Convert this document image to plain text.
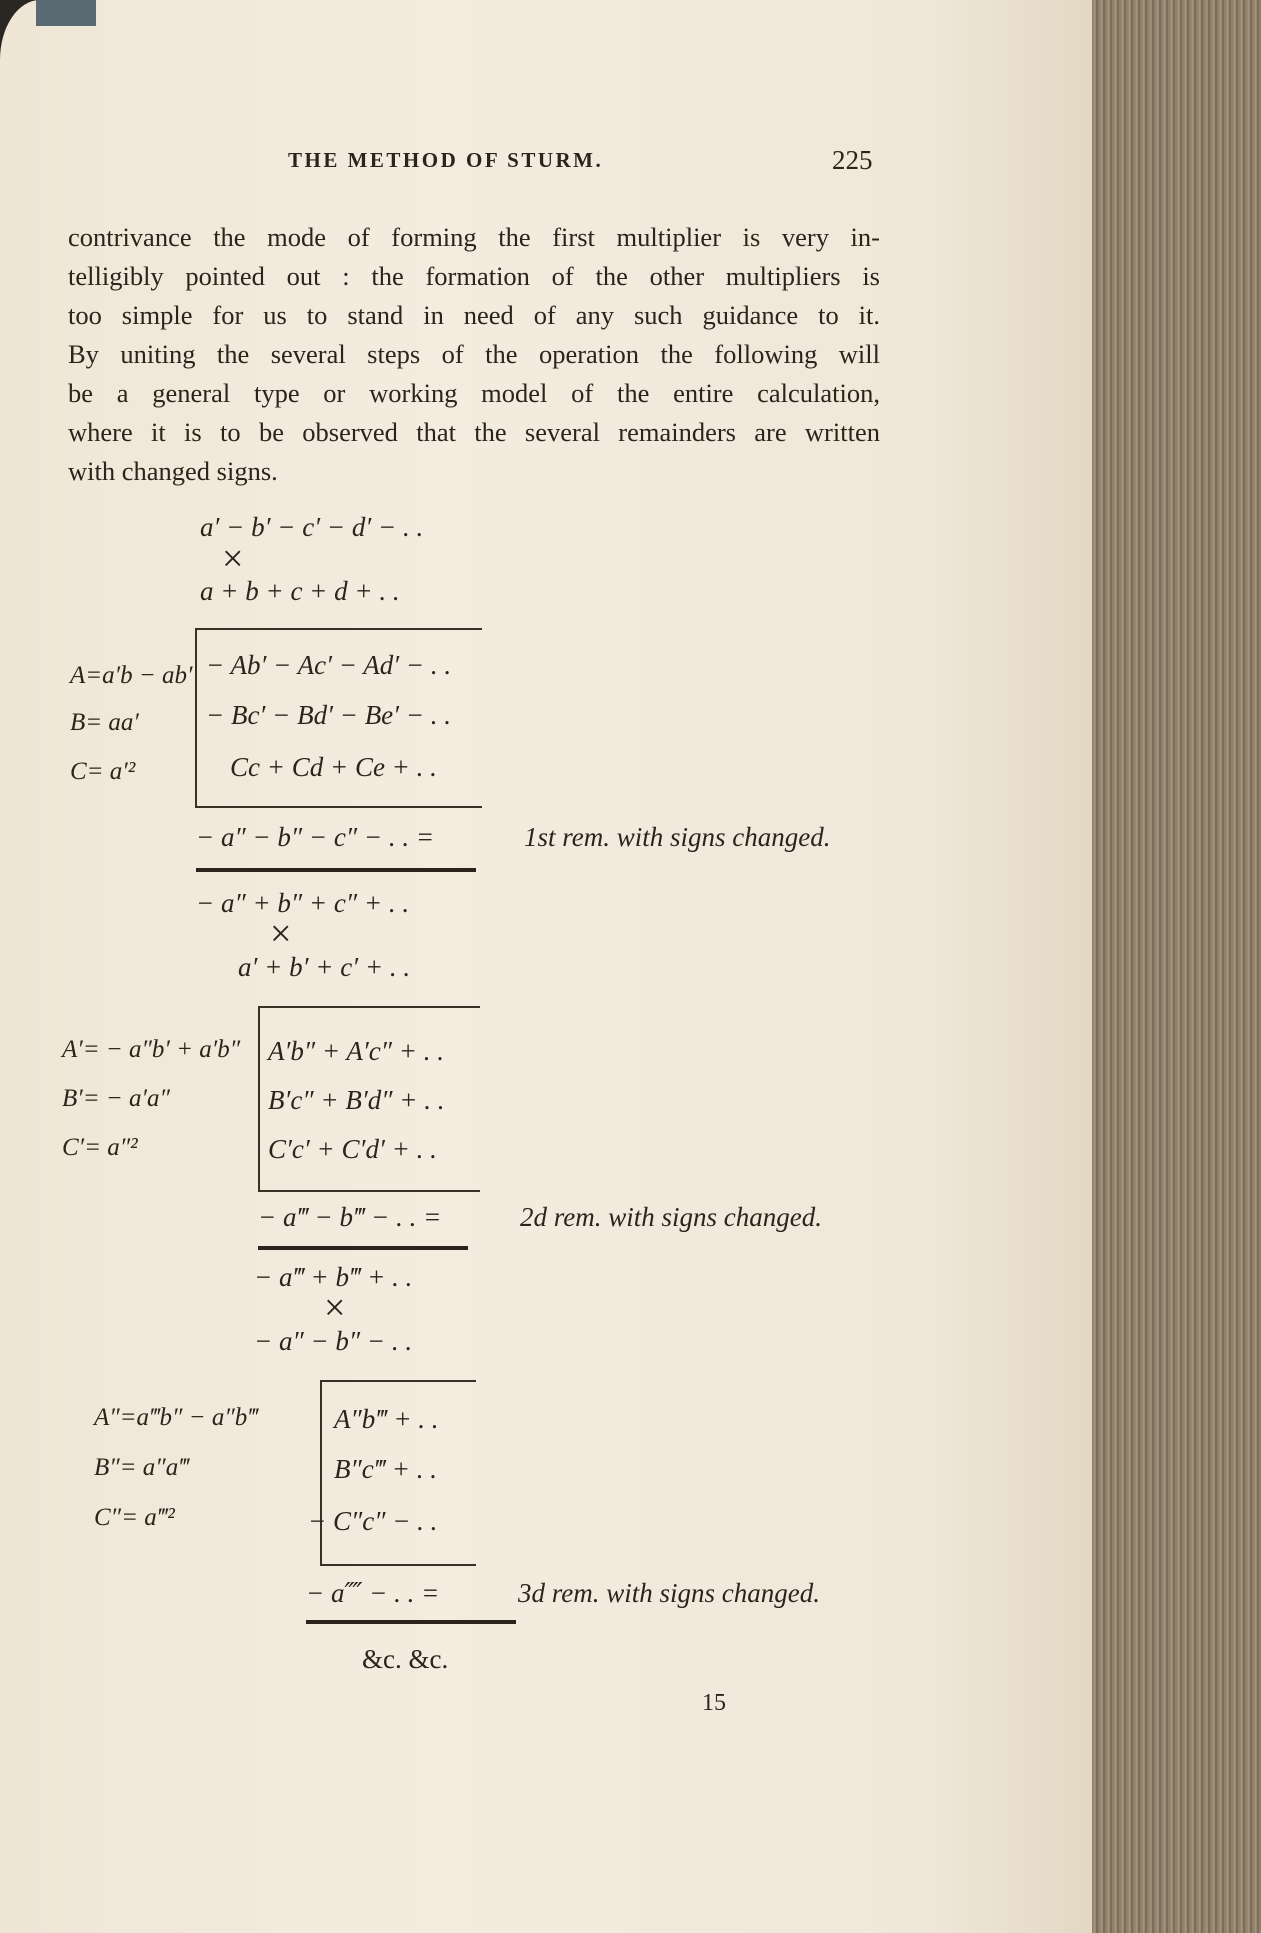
THE METHOD OF STURM.	225
contrivance the mode of forming the first multiplier is very in-
telligibly pointed out : the formation of the other multipliers is
too simple for us to stand in need of any such guidance to it.
By uniting the several steps of the operation the following will
be a general type or working model of the entire calculation,
where it is to be observed that the several remainders are written
with changed signs.
a′ − b′ − c′ − d′ − . .
×
a + b + c + d + . .
A=a′b − ab′
B= aa′
C= a′²
− Ab′ − Ac′ − Ad′ − . .
− Bc′ − Bd′ − Be′ − . .
Cc + Cd + Ce + . .
− a″ − b″ − c″ − . . =	1st rem. with signs changed.
− a″ + b″ + c″ + . .
×
a′ + b′ + c′ + . .
A′= − a″b′ + a′b″
B′= − a′a″
C′= a″²
A′b″ + A′c″ + . .
B′c″ + B′d″ + . .
C′c′ + C′d′ + . .
− a‴ − b‴ − . . =	2d rem. with signs changed.
− a‴ + b‴ + . .
×
− a″ − b″ − . .
A″=a‴b″ − a″b‴
B″= a″a‴
C″= a‴²
A″b‴ + . .
B″c‴ + . .
− C″c″ − . .
− a⁗ − . . =	3d rem. with signs changed.
&c. &c.
15
